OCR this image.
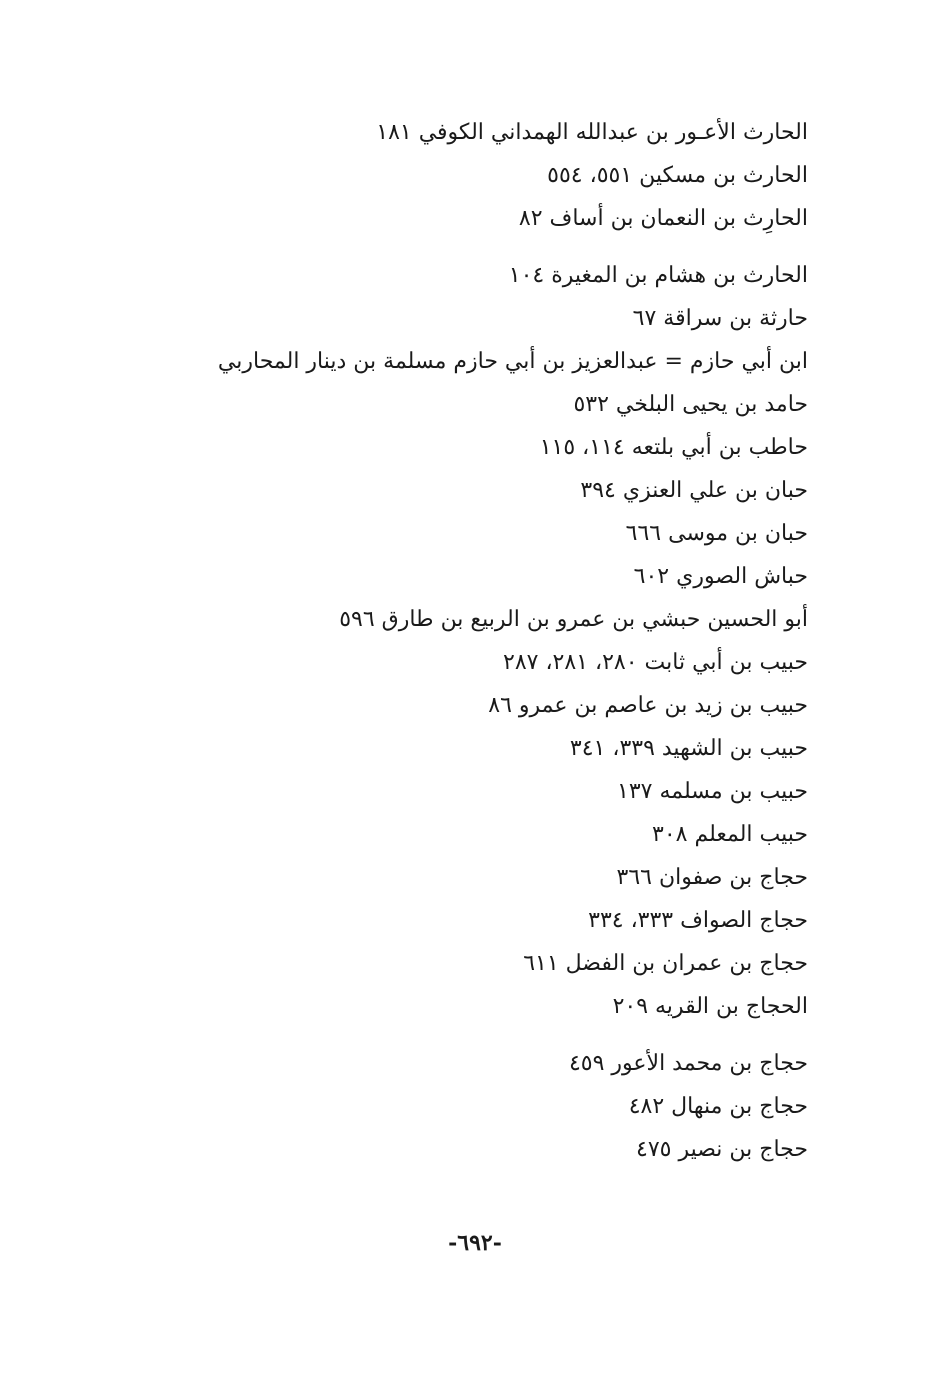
الحارث الأعـور بن عبدالله الهمداني الكوفي ١٨١
الحارث بن مسكين ٥٥١، ٥٥٤
الحارِث بن النعمان بن أساف ٨٢
الحارث بن هشام بن المغيرة ١٠٤
حارثة بن سراقة ٦٧
ابن أبي حازم = عبدالعزيز بن أبي حازم مسلمة بن دينار المحاربي
حامد بن يحيى البلخي ٥٣٢
حاطب بن أبي بلتعه ١١٤، ١١٥
حبان بن علي العنزي ٣٩٤
حبان بن موسى ٦٦٦
حباش الصوري ٦٠٢
أبو الحسين حبشي بن عمرو بن الربيع بن طارق ٥٩٦
حبيب بن أبي ثابت ٢٨٠، ٢٨١، ٢٨٧
حبيب بن زيد بن عاصم بن عمرو ٨٦
حبيب بن الشهيد ٣٣٩، ٣٤١
حبيب بن مسلمه ١٣٧
حبيب المعلم ٣٠٨
حجاج بن صفوان ٣٦٦
حجاج الصواف ٣٣٣، ٣٣٤
حجاج بن عمران بن الفضل ٦١١
الحجاج بن القريه ٢٠٩
حجاج بن محمد الأعور ٤٥٩
حجاج بن منهال ٤٨٢
حجاج بن نصير ٤٧٥
-٦٩٢-
